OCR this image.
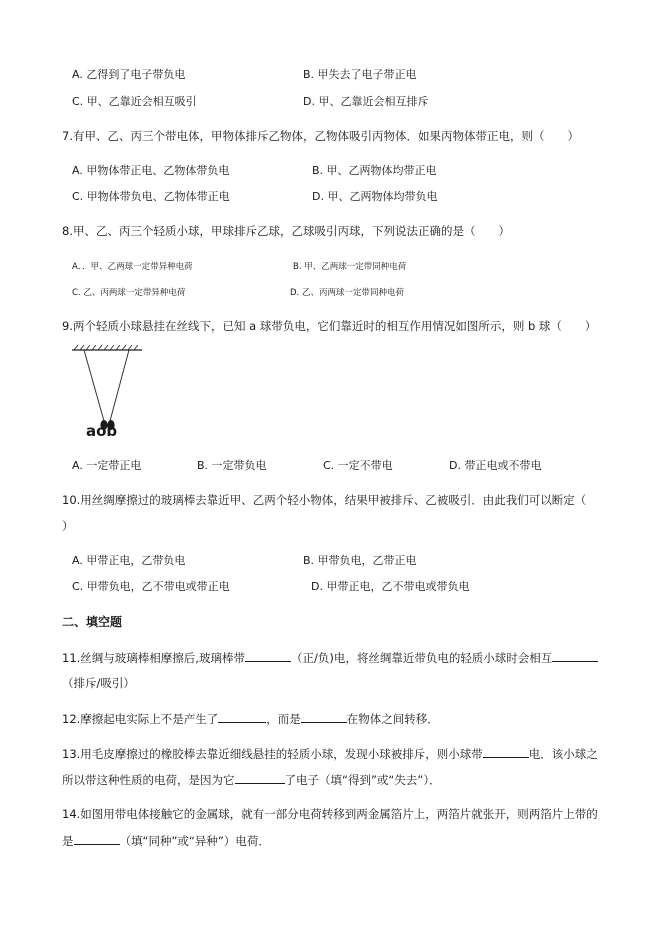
A. 乙得到了电子带负电	B. 甲失去了电子带正电
C. 甲、乙靠近会相互吸引	D. 甲、乙靠近会相互排斥
7.有甲、乙、丙三个带电体，甲物体排斥乙物体，乙物体吸引丙物体．如果丙物体带正电，则（　　）
A. 甲物体带正电、乙物体带负电	B. 甲、乙两物体均带正电
C. 甲物体带负电、乙物体带正电	D. 甲、乙两物体均带负电
8.甲、乙、丙三个轻质小球，甲球排斥乙球，乙球吸引丙球，下列说法正确的是（　　）
A．．甲、乙两球一定带异种电荷	B. 甲、乙两球一定带同种电荷
C. 乙、丙两球一定带异种电荷	D. 乙、丙两球一定带同种电荷
9.两个轻质小球悬挂在丝线下，已知 a 球带负电，它们靠近时的相互作用情况如图所示，则 b 球（　　）
aob
A. 一定带正电	B. 一定带负电	C. 一定不带电	D. 带正电或不带电
10.用丝绸摩擦过的玻璃棒去靠近甲、乙两个轻小物体，结果甲被排斥、乙被吸引．由此我们可以断定（
）
A. 甲带正电，乙带负电	B. 甲带负电，乙带正电
C. 甲带负电，乙不带电或带正电	D. 甲带正电，乙不带电或带负电
二、填空题
11.丝绸与玻璃棒相摩擦后,玻璃棒带	（正/负)电，将丝绸靠近带负电的轻质小球时会相互
（排斥/吸引）
12.摩擦起电实际上不是产生了	，而是	在物体之间转移．
13.用毛皮摩擦过的橡胶棒去靠近细线悬挂的轻质小球，发现小球被排斥，则小球带	电．该小球之
所以带这种性质的电荷，是因为它	了电子（填“得到”或“失去”）．
14.如图用带电体接触它的金属球，就有一部分电荷转移到两金属箔片上，两箔片就张开，则两箔片上带的
是	（填“同种”或“异种”）电荷．
